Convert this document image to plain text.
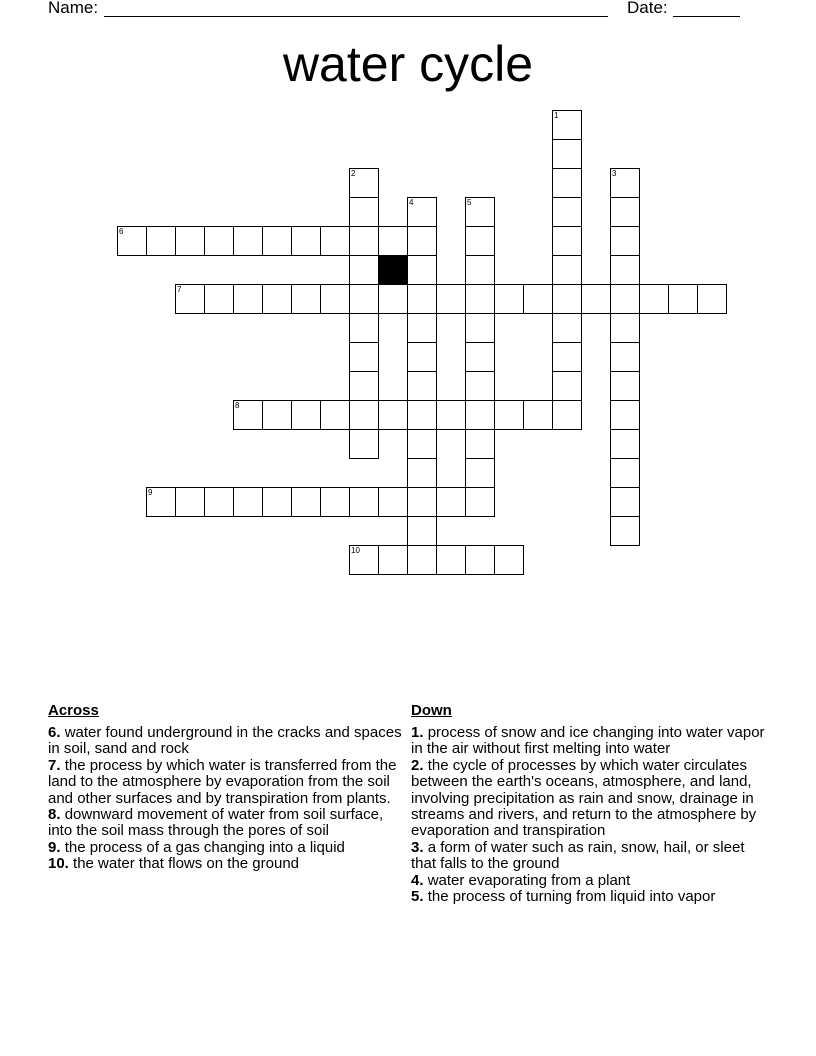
Name:	Date:
water cycle
6
7
8
9
10
1
2	3
4	5
Across

6. water found underground in the cracks and spaces in soil, sand and rock

7. the process by which water is transferred from the land to the atmosphere by evaporation from the soil and other surfaces and by transpiration from plants.

8. downward movement of water from soil surface, into the soil mass through the pores of soil

9. the process of a gas changing into a liquid

10. the water that flows on the ground

Down

1. process of snow and ice changing into water vapor in the air without first melting into water

2. the cycle of processes by which water circulates between the earth's oceans, atmosphere, and land, involving precipitation as rain and snow, drainage in streams and rivers, and return to the atmosphere by evaporation and transpiration

3. a form of water such as rain, snow, hail, or sleet that falls to the ground

4. water evaporating from a plant

5. the process of turning from liquid into vapor
